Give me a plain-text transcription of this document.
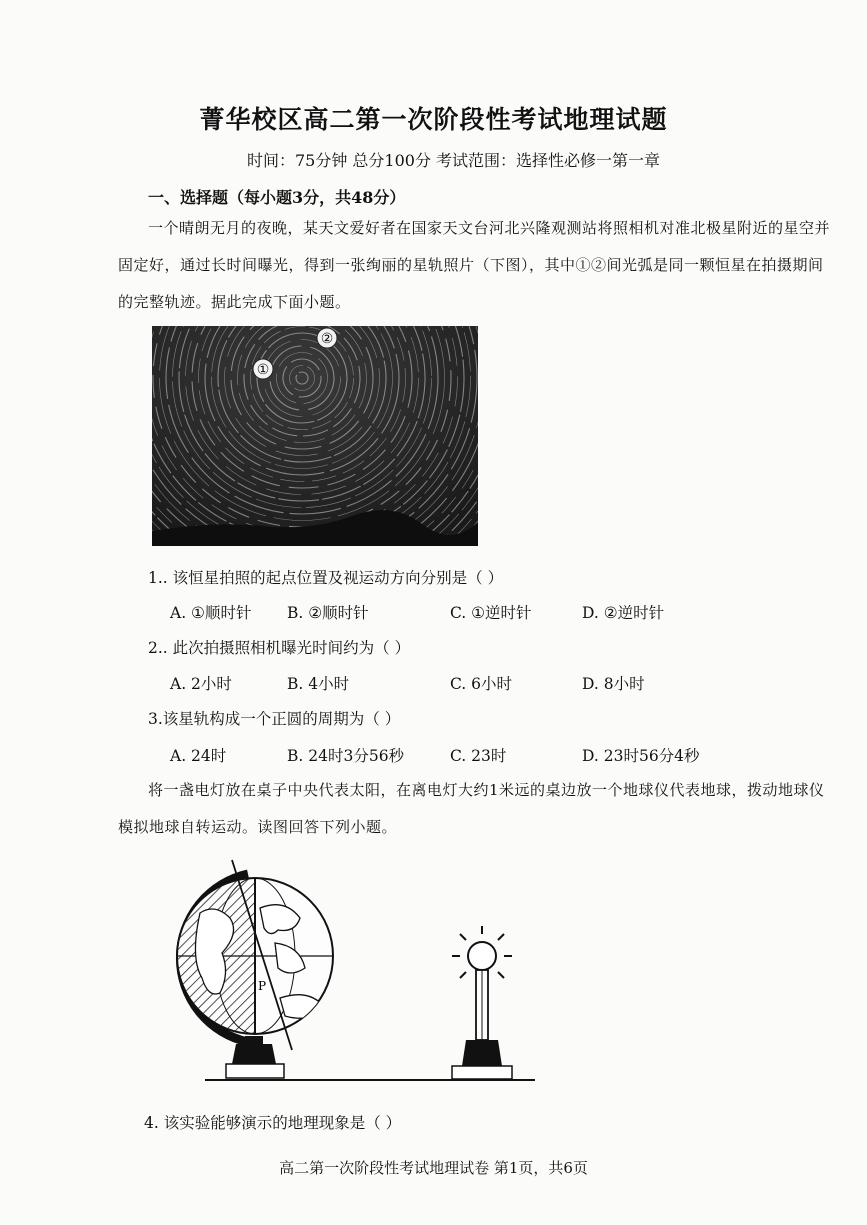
菁华校区高二第一次阶段性考试地理试题
时间：75分钟 总分100分 考试范围：选择性必修一第一章
一、选择题（每小题3分，共48分）
一个晴朗无月的夜晚，某天文爱好者在国家天文台河北兴隆观测站将照相机对准北极星附近的星空并固定好，通过长时间曝光，得到一张绚丽的星轨照片（下图），其中①②间光弧是同一颗恒星在拍摄期间的完整轨迹。据此完成下面小题。
①
②
1.. 该恒星拍照的起点位置及视运动方向分别是（ ）
A. ①顺时针 B. ②顺时针	C. ①逆时针	D. ②逆时针
2.. 此次拍摄照相机曝光时间约为（ ）
A. 2小时	B. 4小时	C. 6小时	D. 8小时
3.该星轨构成一个正圆的周期为（ ）
A. 24时	B. 24时3分56秒	C. 23时	D. 23时56分4秒
将一盏电灯放在桌子中央代表太阳，在离电灯大约1米远的桌边放一个地球仪代表地球，拨动地球仪模拟地球自转运动。读图回答下列小题。
P
4. 该实验能够演示的地理现象是（ ）
高二第一次阶段性考试地理试卷 第1页，共6页
